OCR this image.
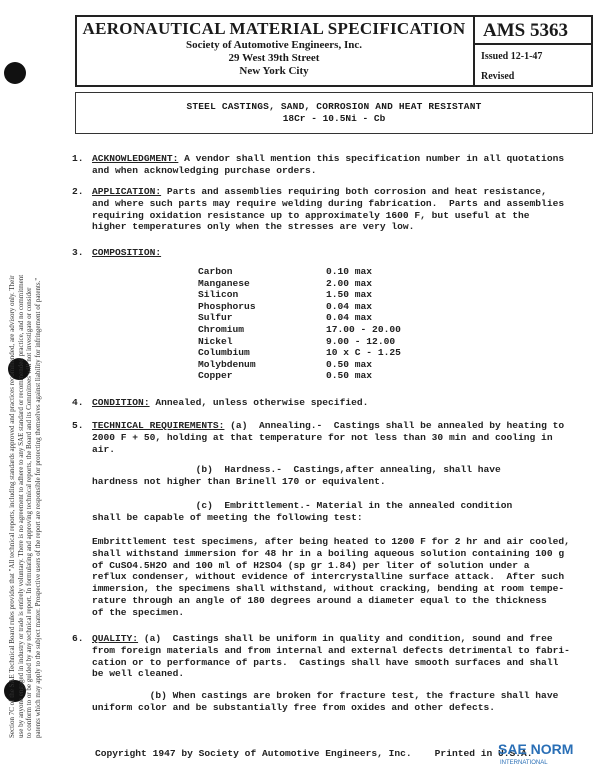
Section 7C of the SAE Technical Board rules provides that "All technical reports, including standards approved and practices recommended, are advisory only. Their
use by anyone engaged in industry or trade is entirely voluntary. There is no agreement to adhere to any SAE standard or recommended practice, and no commitment
to conform to or be guided by any technical report. In formulating and approving technical reports, the Board and its Committees will not investigate or consider
patents which may apply to the subject matter. Prospective users of the report are responsible for protecting themselves against liability for infringement of patents."
AERONAUTICAL MATERIAL SPECIFICATION
Society of Automotive Engineers, Inc.
29 West 39th Street
New York City
AMS 5363
Issued 12-1-47
Revised
STEEL CASTINGS, SAND, CORROSION AND HEAT RESISTANT
18Cr - 10.5Ni - Cb
1. ACKNOWLEDGMENT: A vendor shall mention this specification number in all quotations
and when acknowledging purchase orders.
2. APPLICATION: Parts and assemblies requiring both corrosion and heat resistance,
and where such parts may require welding during fabrication.  Parts and assemblies
requiring oxidation resistance up to approximately 1600 F, but useful at the
higher temperatures only when the stresses are very low.
3. COMPOSITION:
Carbon	0.10 max
Manganese	2.00 max
Silicon	1.50 max
Phosphorus	0.04 max
Sulfur	0.04 max
Chromium	17.00 - 20.00
Nickel	9.00 - 12.00
Columbium	10 x C - 1.25
Molybdenum	0.50 max
Copper	0.50 max
4. CONDITION: Annealed, unless otherwise specified.
5. TECHNICAL REQUIREMENTS: (a)  Annealing.-  Castings shall be annealed by heating to
2000 F + 50, holding at that temperature for not less than 30 min and cooling in
air.
(b)  Hardness.-  Castings,after annealing, shall have
hardness not higher than Brinell 170 or equivalent.
(c)  Embrittlement.- Material in the annealed condition
shall be capable of meeting the following test:
Embrittlement test specimens, after being heated to 1200 F for 2 hr and air cooled,
shall withstand immersion for 48 hr in a boiling aqueous solution containing 100 g
of CuSO4.5H2O and 100 ml of H2SO4 (sp gr 1.84) per liter of solution under a
reflux condenser, without evidence of intercrystalline surface attack.  After such
immersion, the specimens shall withstand, without cracking, bending at room tempe-
rature through an angle of 180 degrees around a diameter equal to the thickness
of the specimen.
6. QUALITY: (a)  Castings shall be uniform in quality and condition, sound and free
from foreign materials and from internal and external defects detrimental to fabri-
cation or to performance of parts.  Castings shall have smooth surfaces and shall
be well cleaned.
(b) When castings are broken for fracture test, the fracture shall have
uniform color and be substantially free from oxides and other defects.
Copyright 1947 by Society of Automotive Engineers, Inc.    Printed in U.S.A.
SAE NORM
INTERNATIONAL
